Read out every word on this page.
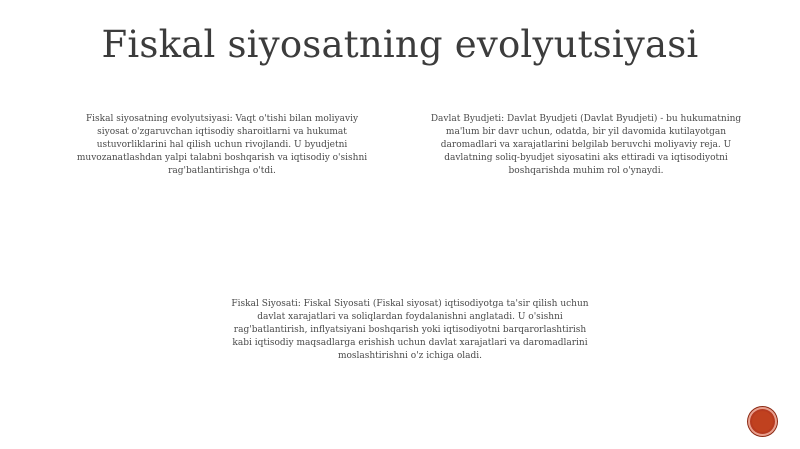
Fiskal siyosatning evolyutsiyasi

Fiskal siyosatning evolyutsiyasi: Vaqt o'tishi bilan moliyaviy siyosat o'zgaruvchan iqtisodiy sharoitlarni va hukumat ustuvorliklarini hal qilish uchun rivojlandi. U byudjetni muvozanatlashdan yalpi talabni boshqarish va iqtisodiy o'sishni rag'batlantirishga o'tdi.

Davlat Byudjeti: Davlat Byudjeti (Davlat Byudjeti) - bu hukumatning ma'lum bir davr uchun, odatda, bir yil davomida kutilayotgan daromadlari va xarajatlarini belgilab beruvchi moliyaviy reja. U davlatning soliq-byudjet siyosatini aks ettiradi va iqtisodiyotni boshqarishda muhim rol o'ynaydi.

Fiskal Siyosati: Fiskal Siyosati (Fiskal siyosat) iqtisodiyotga ta'sir qilish uchun davlat xarajatlari va soliqlardan foydalanishni anglatadi. U o'sishni rag'batlantirish, inflyatsiyani boshqarish yoki iqtisodiyotni barqarorlashtirish kabi iqtisodiy maqsadlarga erishish uchun davlat xarajatlari va daromadlarini moslashtirishni o'z ichiga oladi.
